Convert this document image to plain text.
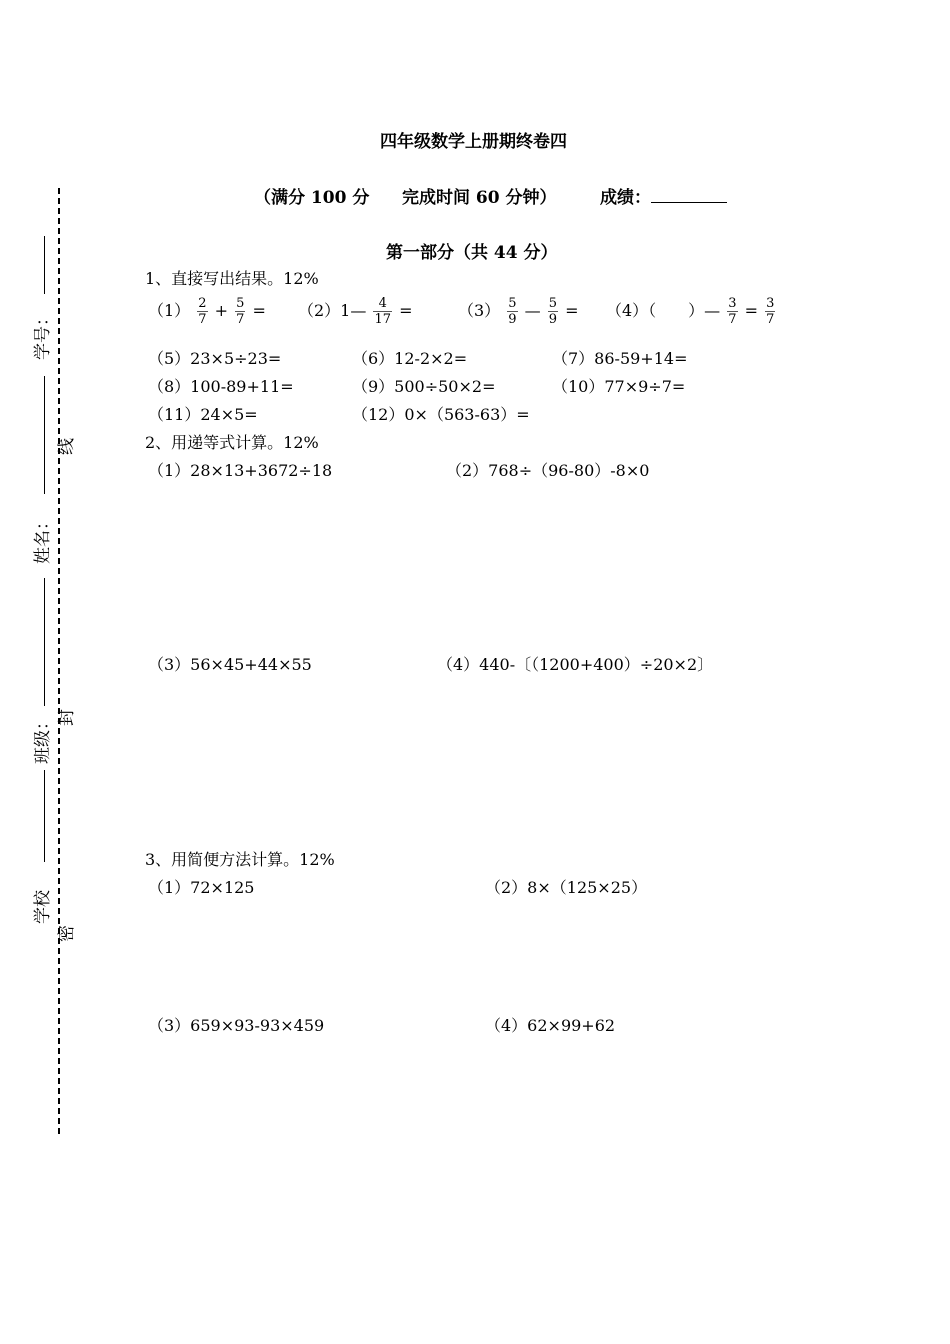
学号：
线
姓名：
班级： 封
学校
密
四年级数学上册期终卷四
（满分 100 分 完成时间 60 分钟）	成绩：
第一部分（共 44 分）
1、直接写出结果。12%
$(1) \frac{2}{7} + \frac{5}{7}$ = （2）1— $\frac{4}{17}$ =	$(3) \frac{5}{9}$ — $\frac{5}{9} = (4)$（　　）— $\frac{3}{7} = \frac{3}{7}$
（5）23×5÷23=	（6）12-2×2=	（7）86-59+14=
（8）100-89+11=	（9）500÷50×2=	（10）77×9÷7=
（11）24×5=	（12）0×（563-63）=
2、用递等式计算。12%
（1）28×13+3672÷18	（2）768÷（96-80）-8×0
（3）56×45+44×55	（4）440-〔（1200+400）÷20×2〕
3、用简便方法计算。12%
（1）72×125	（2）8×（125×25）
（3）659×93-93×459	（4）62×99+62
